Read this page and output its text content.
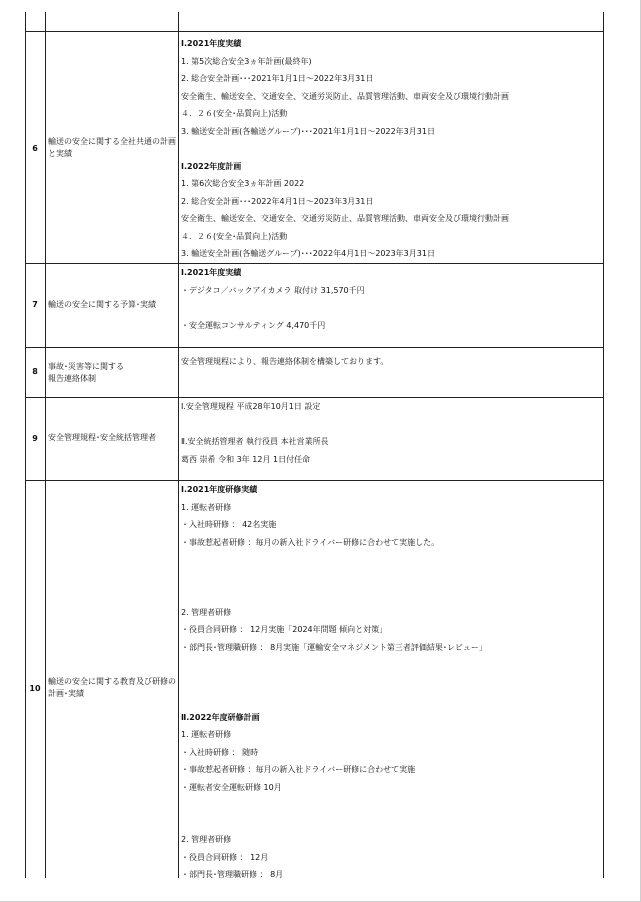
6
輸送の安全に関する全社共通の計画と実績
Ⅰ.2021年度実績
1. 第5次総合安全3ヵ年計画(最終年)
2. 総合安全計画･･･2021年1月1日～2022年3月31日
安全衛生、輸送安全、交通安全、交通労災防止、品質管理活動、車両安全及び環境行動計画
４．２６(安全･品質向上)活動
3. 輸送安全計画(各輸送グループ)･･･2021年1月1日～2022年3月31日
Ⅰ.2022年度計画
1. 第6次総合安全3ヵ年計画 2022
2. 総合安全計画･･･2022年4月1日～2023年3月31日
安全衛生、輸送安全、交通安全、交通労災防止、品質管理活動、車両安全及び環境行動計画
４．２６(安全･品質向上)活動
3. 輸送安全計画(各輸送グループ)･･･2022年4月1日～2023年3月31日
7	輸送の安全に関する予算･実績
Ⅰ.2021年度実績
・デジタコ／バックアイカメラ 取付け 31,570千円
・安全運転コンサルティング 4,470千円
8
事故･災害等に関する
報告連絡体制
安全管理規程により、報告連絡体制を構築しております。
9	安全管理規程･安全統括管理者
Ⅰ.安全管理規程 平成28年10月1日 設定
Ⅱ.安全統括管理者 執行役員 本社営業所長
葛西 崇希 令和 3年 12月 1日付任命
10
輸送の安全に関する教育及び研修の計画･実績
Ⅰ.2021年度研修実績
1. 運転者研修
・入社時研修 ： 42名実施
・事故惹起者研修 ：毎月の新入社ドライバー研修に合わせて実施した。
2. 管理者研修
・役員合同研修 ： 12月実施「2024年問題 傾向と対策」
・部門長･管理職研修 ： 8月実施「運輸安全マネジメント第三者評価結果･レビュー」
Ⅱ.2022年度研修計画
1. 運転者研修
・入社時研修 ： 随時
・事故惹起者研修 ：毎月の新入社ドライバー研修に合わせて実施
・運転者安全運転研修 10月
2. 管理者研修
・役員合同研修 ： 12月
・部門長･管理職研修 ： 8月
